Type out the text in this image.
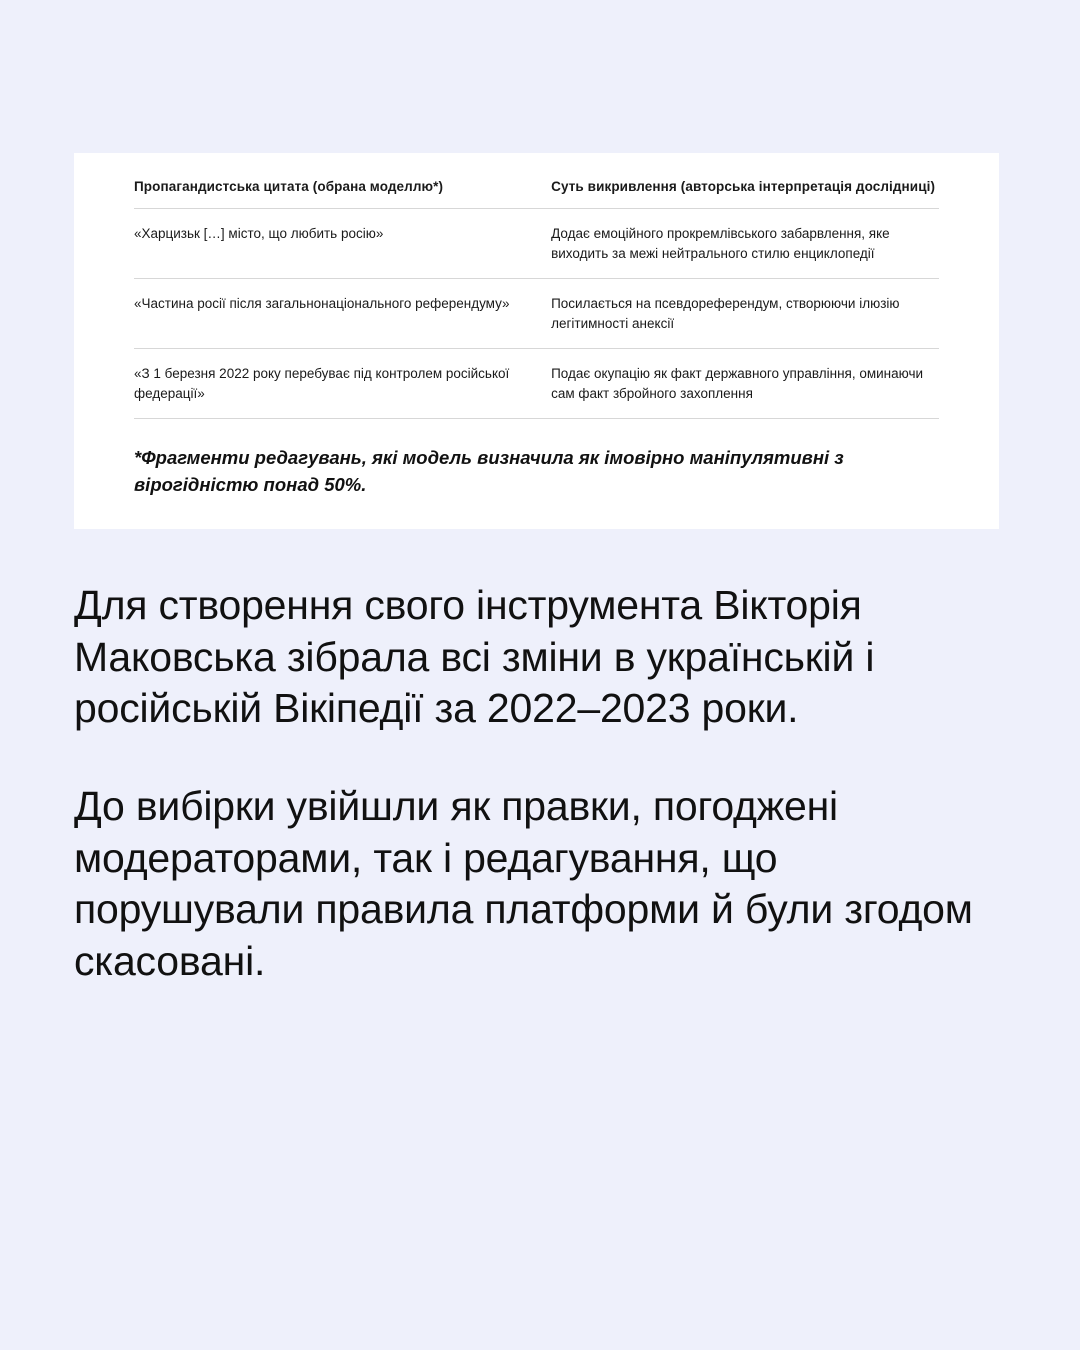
Пропагандистська цитата (обрана моделлю*)	Суть викривлення (авторська інтерпретація дослідниці)
«Харцизьк […] місто, що любить росію»	Додає емоційного прокремлівського забарвлення, яке виходить за межі нейтрального стилю енциклопедії
«Частина росії після загальнонаціонального референдуму»	Посилається на псевдореферендум, створюючи ілюзію легітимності анексії
«З 1 березня 2022 року перебуває під контролем російської федерації»	Подає окупацію як факт державного управління, оминаючи сам факт збройного захоплення
*Фрагменти редагувань, які модель визначила як імовірно маніпулятивні з вірогідністю понад 50%.

Для створення свого інструмента Вікторія Маковська зібрала всі зміни в українській і російській Вікіпедії за 2022–2023 роки.

До вибірки увійшли як правки, погоджені модераторами, так і редагування, що порушували правила платформи й були згодом скасовані.
